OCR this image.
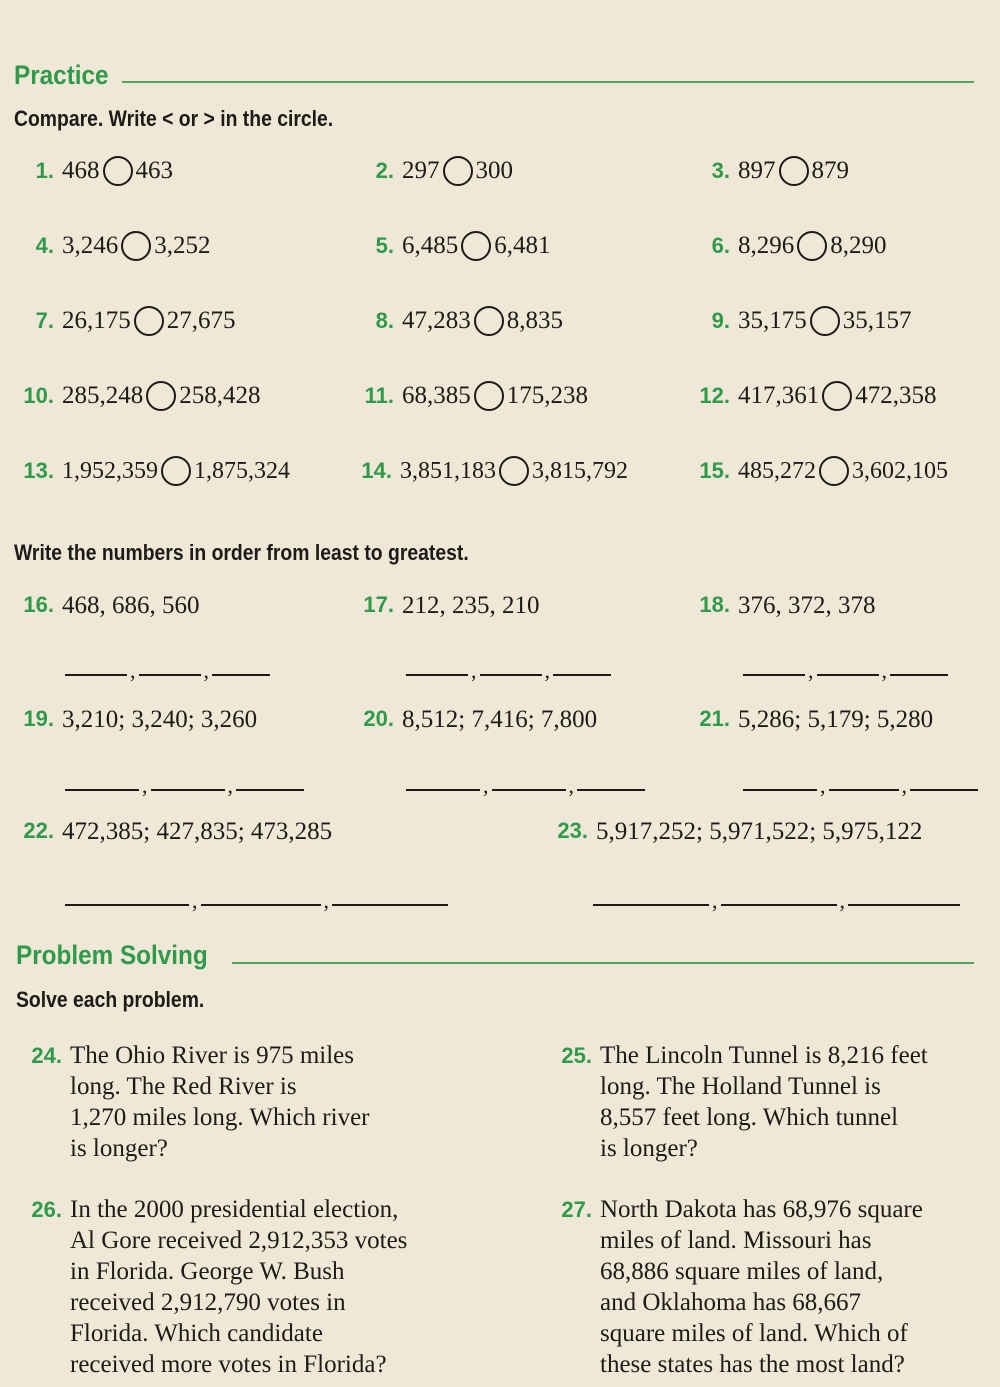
Practice
Compare. Write < or > in the circle.
1. 468 463	2. 297 300	3. 897 879
4. 3,246 3,252	5. 6,485 6,481	6. 8,296 8,290
7. 26,175 27,675	8. 47,283 8,835	9. 35,175 35,157
10. 285,248 258,428	11. 68,385 175,238	12. 417,361 472,358
13. 1,952,359 1,875,324	14. 3,851,183 3,815,792	15. 485,272 3,602,105
Write the numbers in order from least to greatest.
16. 468, 686, 560
,	,
17. 212, 235, 210
,	,
18. 376, 372, 378
,	,
19. 3,210; 3,240; 3,260
,	,
20. 8,512; 7,416; 7,800
,	,
21. 5,286; 5,179; 5,280
,	,
22. 472,385; 427,835; 473,285
,	,
23. 5,917,252; 5,971,522; 5,975,122
,	,
Problem Solving
Solve each problem.
24. The Ohio River is 975 miles
long. The Red River is
1,270 miles long. Which river
is longer?
25. The Lincoln Tunnel is 8,216 feet
long. The Holland Tunnel is
8,557 feet long. Which tunnel
is longer?
26. In the 2000 presidential election,
Al Gore received 2,912,353 votes
in Florida. George W. Bush
received 2,912,790 votes in
Florida. Which candidate
received more votes in Florida?
27. North Dakota has 68,976 square
miles of land. Missouri has
68,886 square miles of land,
and Oklahoma has 68,667
square miles of land. Which of
these states has the most land?
